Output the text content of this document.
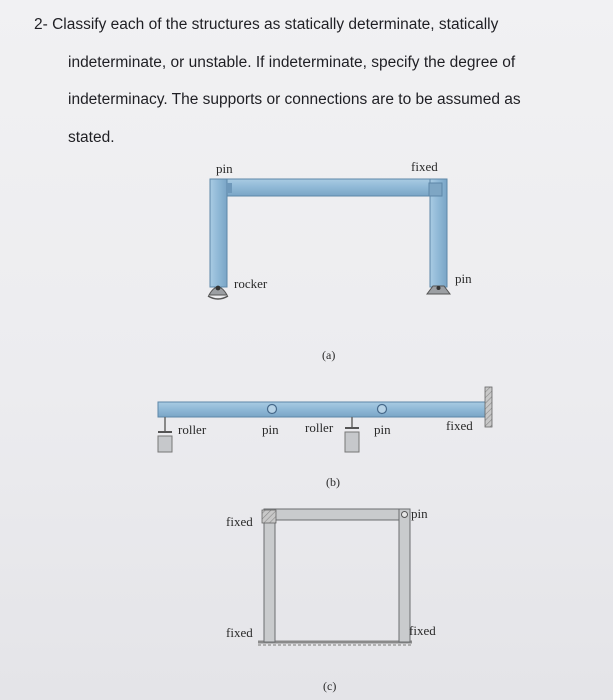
2- Classify each of the structures as statically determinate, statically
indeterminate, or unstable. If indeterminate, specify the degree of
indeterminacy. The supports or connections are to be assumed as
stated.
pin	fixed
rocker	pin
(a)
roller	pin roller	pin	fixed
(b)
fixed
pin
fixed	fixed
(c)
